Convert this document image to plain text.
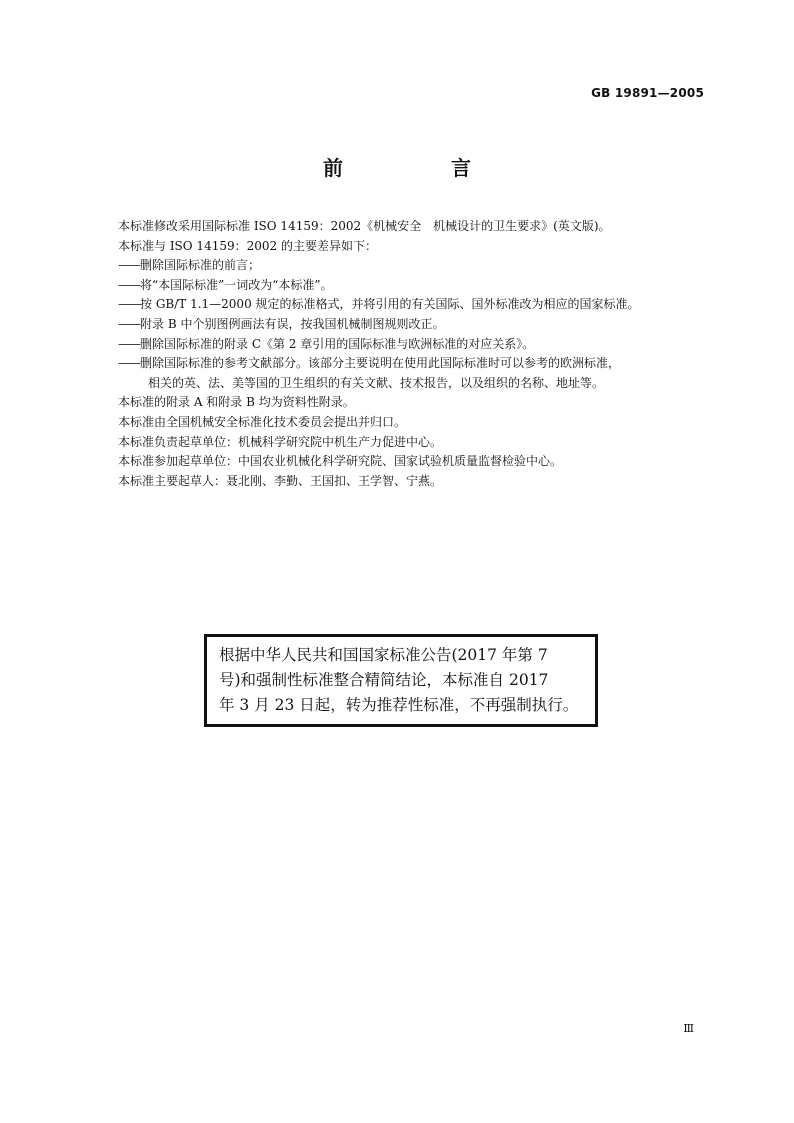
GB 19891—2005
前　言

本标准修改采用国际标准 ISO 14159：2002《机械安全　机械设计的卫生要求》(英文版)。

本标准与 ISO 14159：2002 的主要差异如下：

——删除国际标准的前言；

——将“本国际标准”一词改为“本标准”。

——按 GB/T 1.1—2000 规定的标准格式，并将引用的有关国际、国外标准改为相应的国家标准。

——附录 B 中个别图例画法有误，按我国机械制图规则改正。

——删除国际标准的附录 C《第 2 章引用的国际标准与欧洲标准的对应关系》。

——删除国际标准的参考文献部分。该部分主要说明在使用此国际标准时可以参考的欧洲标准，

相关的英、法、美等国的卫生组织的有关文献、技术报告，以及组织的名称、地址等。

本标准的附录 A 和附录 B 均为资料性附录。

本标准由全国机械安全标准化技术委员会提出并归口。

本标准负责起草单位：机械科学研究院中机生产力促进中心。

本标准参加起草单位：中国农业机械化科学研究院、国家试验机质量监督检验中心。

本标准主要起草人：聂北刚、李勤、王国扣、王学智、宁燕。

根据中华人民共和国国家标准公告(2017 年第 7

号)和强制性标准整合精简结论，本标准自 2017

年 3 月 23 日起，转为推荐性标准，不再强制执行。

Ⅲ
